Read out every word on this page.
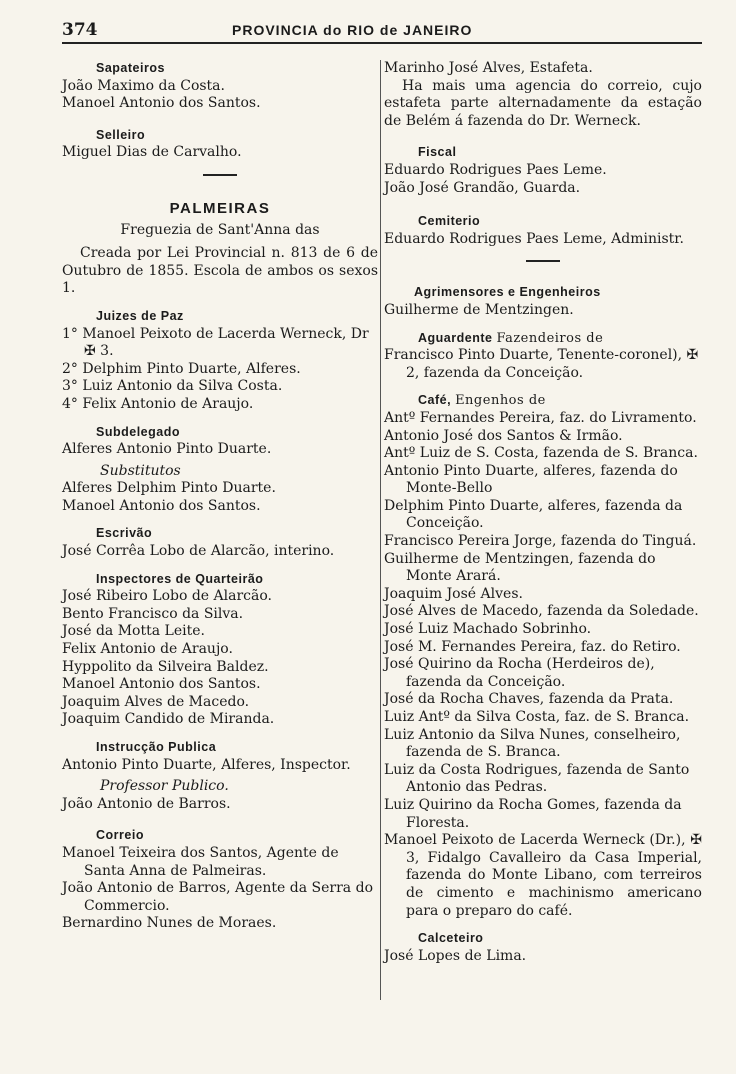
374	PROVINCIA do RIO de JANEIRO
Sapateiros

João Maximo da Costa.

Manoel Antonio dos Santos.

Selleiro

Miguel Dias de Carvalho.

PALMEIRAS

Freguezia de Sant'Anna das

Creada por Lei Provincial n. 813 de 6 de Outubro de 1855. Escola de ambos os sexos 1.

Juizes de Paz

1° Manoel Peixoto de Lacerda Werneck, Dr ✠ 3.

2° Delphim Pinto Duarte, Alferes.

3° Luiz Antonio da Silva Costa.

4° Felix Antonio de Araujo.

Subdelegado

Alferes Antonio Pinto Duarte.

Substitutos

Alferes Delphim Pinto Duarte.

Manoel Antonio dos Santos.

Escrivão

José Corrêa Lobo de Alarcão, interino.

Inspectores de Quarteirão

José Ribeiro Lobo de Alarcão.

Bento Francisco da Silva.

José da Motta Leite.

Felix Antonio de Araujo.

Hyppolito da Silveira Baldez.

Manoel Antonio dos Santos.

Joaquim Alves de Macedo.

Joaquim Candido de Miranda.

Instrucção Publica

Antonio Pinto Duarte, Alferes, Inspector.

Professor Publico.

João Antonio de Barros.

Correio

Manoel Teixeira dos Santos, Agente de Santa Anna de Palmeiras.

João Antonio de Barros, Agente da Serra do Commercio.

Bernardino Nunes de Moraes.

Marinho José Alves, Estafeta.

Ha mais uma agencia do correio, cujo estafeta parte alternadamente da estação de Belém á fazenda do Dr. Werneck.

Fiscal

Eduardo Rodrigues Paes Leme.

João José Grandão, Guarda.

Cemiterio

Eduardo Rodrigues Paes Leme, Administr.

Agrimensores e Engenheiros

Guilherme de Mentzingen.

Aguardente Fazendeiros de

Francisco Pinto Duarte, Tenente-coronel), ✠ 2, fazenda da Conceição.

Café, Engenhos de

Antº Fernandes Pereira, faz. do Livramento.

Antonio José dos Santos & Irmão.

Antº Luiz de S. Costa, fazenda de S. Branca.

Antonio Pinto Duarte, alferes, fazenda do Monte-Bello

Delphim Pinto Duarte, alferes, fazenda da Conceição.

Francisco Pereira Jorge, fazenda do Tinguá.

Guilherme de Mentzingen, fazenda do Monte Arará.

Joaquim José Alves.

José Alves de Macedo, fazenda da Soledade.

José Luiz Machado Sobrinho.

José M. Fernandes Pereira, faz. do Retiro.

José Quirino da Rocha (Herdeiros de), fazenda da Conceição.

José da Rocha Chaves, fazenda da Prata.

Luiz Antº da Silva Costa, faz. de S. Branca.

Luiz Antonio da Silva Nunes, conselheiro, fazenda de S. Branca.

Luiz da Costa Rodrigues, fazenda de Santo Antonio das Pedras.

Luiz Quirino da Rocha Gomes, fazenda da Floresta.

Manoel Peixoto de Lacerda Werneck (Dr.), ✠ 3, Fidalgo Cavalleiro da Casa Imperial, fazenda do Monte Libano, com terreiros de cimento e machinismo americano para o preparo do café.

Calceteiro

José Lopes de Lima.
